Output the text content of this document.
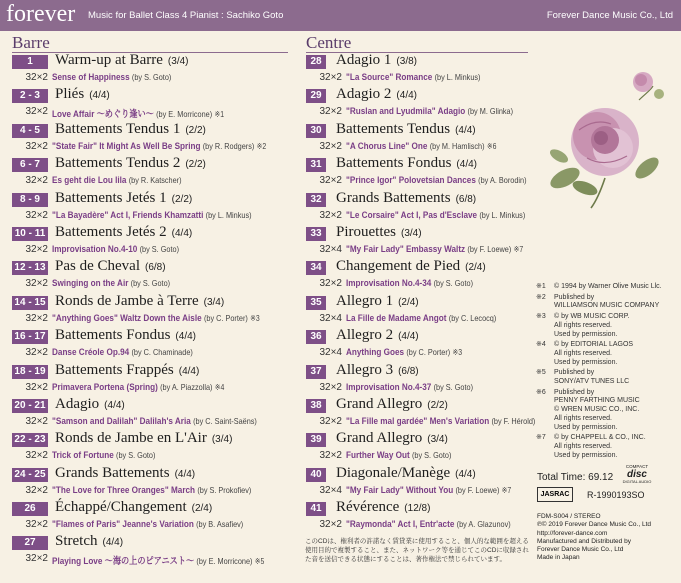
forever Music for Ballet Class 4 Pianist : Sachiko Goto	Forever Dance Music Co., Ltd
Barre	Centre
1	Warm-up at Barre (3/4)
32×2 Sense of Happiness (by S. Goto)
2 - 3	Pliés (4/4)
32×2 Love Affair ～めぐり逢い～ (by E. Morricone) ※1
4 - 5	Battements Tendus 1 (2/2)
32×2 "State Fair" It Might As Well Be Spring (by R. Rodgers) ※2
6 - 7	Battements Tendus 2 (2/2)
32×2 Es geht die Lou lila (by R. Katscher)
8 - 9	Battements Jetés 1 (2/2)
32×2 "La Bayadère" Act I, Friends Khamzatti (by L. Minkus)
10 - 11 Battements Jetés 2 (4/4)
32×2 Improvisation No.4-10 (by S. Goto)
12 - 13 Pas de Cheval (6/8)
32×2 Swinging on the Air (by S. Goto)
14 - 15 Ronds de Jambe à Terre (3/4)
32×2 "Anything Goes" Waltz Down the Aisle (by C. Porter) ※3
16 - 17 Battements Fondus (4/4)
32×2 Danse Créole Op.94 (by C. Chaminade)
18 - 19 Battements Frappés (4/4)
32×2 Primavera Portena (Spring) (by A. Piazzolla) ※4
20 - 21 Adagio (4/4)
32×2 "Samson and Dalilah" Dalilah's Aria (by C. Saint-Saëns)
22 - 23 Ronds de Jambe en L'Air (3/4)
32×2 Trick of Fortune (by S. Goto)
24 - 25 Grands Battements (4/4)
32×2 "The Love for Three Oranges" March (by S. Prokofiev)
26	Échappé/Changement (2/4)
32×2 "Flames of Paris" Jeanne's Variation (by B. Asafiev)
27	Stretch (4/4)
32×2 Playing Love ～海の上のピアニスト～ (by E. Morricone) ※5
28 Adagio 1 (3/8)
32×2 "La Source" Romance (by L. Minkus)
29 Adagio 2 (4/4)
32×2 "Ruslan and Lyudmila" Adagio (by M. Glinka)
30 Battements Tendus (4/4)
32×2 "A Chorus Line" One (by M. Hamlisch) ※6
31 Battements Fondus (4/4)
32×2 "Prince Igor" Polovetsian Dances (by A. Borodin)
32 Grands Battements (6/8)
32×2 "Le Corsaire" Act I, Pas d'Esclave (by L. Minkus)
33 Pirouettes (3/4)
32×4 "My Fair Lady" Embassy Waltz (by F. Loewe) ※7
34 Changement de Pied (2/4)
32×2 Improvisation No.4-34 (by S. Goto)
35 Allegro 1 (2/4)
32×4 La Fille de Madame Angot (by C. Lecocq)
36 Allegro 2 (4/4)
32×4 Anything Goes (by C. Porter) ※3
37 Allegro 3 (6/8)
32×2 Improvisation No.4-37 (by S. Goto)
38 Grand Allegro (2/2)
32×2 "La Fille mal gardée" Men's Variation (by F. Hérold)
39 Grand Allegro (3/4)
32×2 Further Way Out (by S. Goto)
40 Diagonale/Manège (4/4)
32×4 "My Fair Lady" Without You (by F. Loewe) ※7
41 Révérence (12/8)
32×2 "Raymonda" Act I, Entr'acte (by A. Glazunov)
※1 © 1994 by Warner Olive Music Llc.
※2 Published by
WILLIAMSON MUSIC COMPANY
※3 © by WB MUSIC CORP.
All rights reserved.
Used by permission.
※4 © by EDITORIAL LAGOS
All rights reserved.
Used by permission.
※5 Published by
SONY/ATV TUNES LLC
※6 Published by
PENNY FARTHING MUSIC
© WREN MUSIC CO., INC.
All rights reserved.
Used by permission.
※7 © by CHAPPELL & CO., INC.
All rights reserved.
Used by permission.
Total Time: 69.12
COMPACT
disc
DIGITAL AUDIO
JASRAC	R-1990193SO
FDM-S004 / STEREO
℗© 2019 Forever Dance Music Co., Ltd
http://forever-dance.com
Manufactured and Distributed by
Forever Dance Music Co., Ltd
Made in Japan
このCDは、権利者の許諾なく賃貸業に使用すること、個人的な範囲を超える使用目的で複製すること、また、ネットワーク等を通じてこのCDに収録された音を送信できる状態にすることは、著作権法で禁じられています。
